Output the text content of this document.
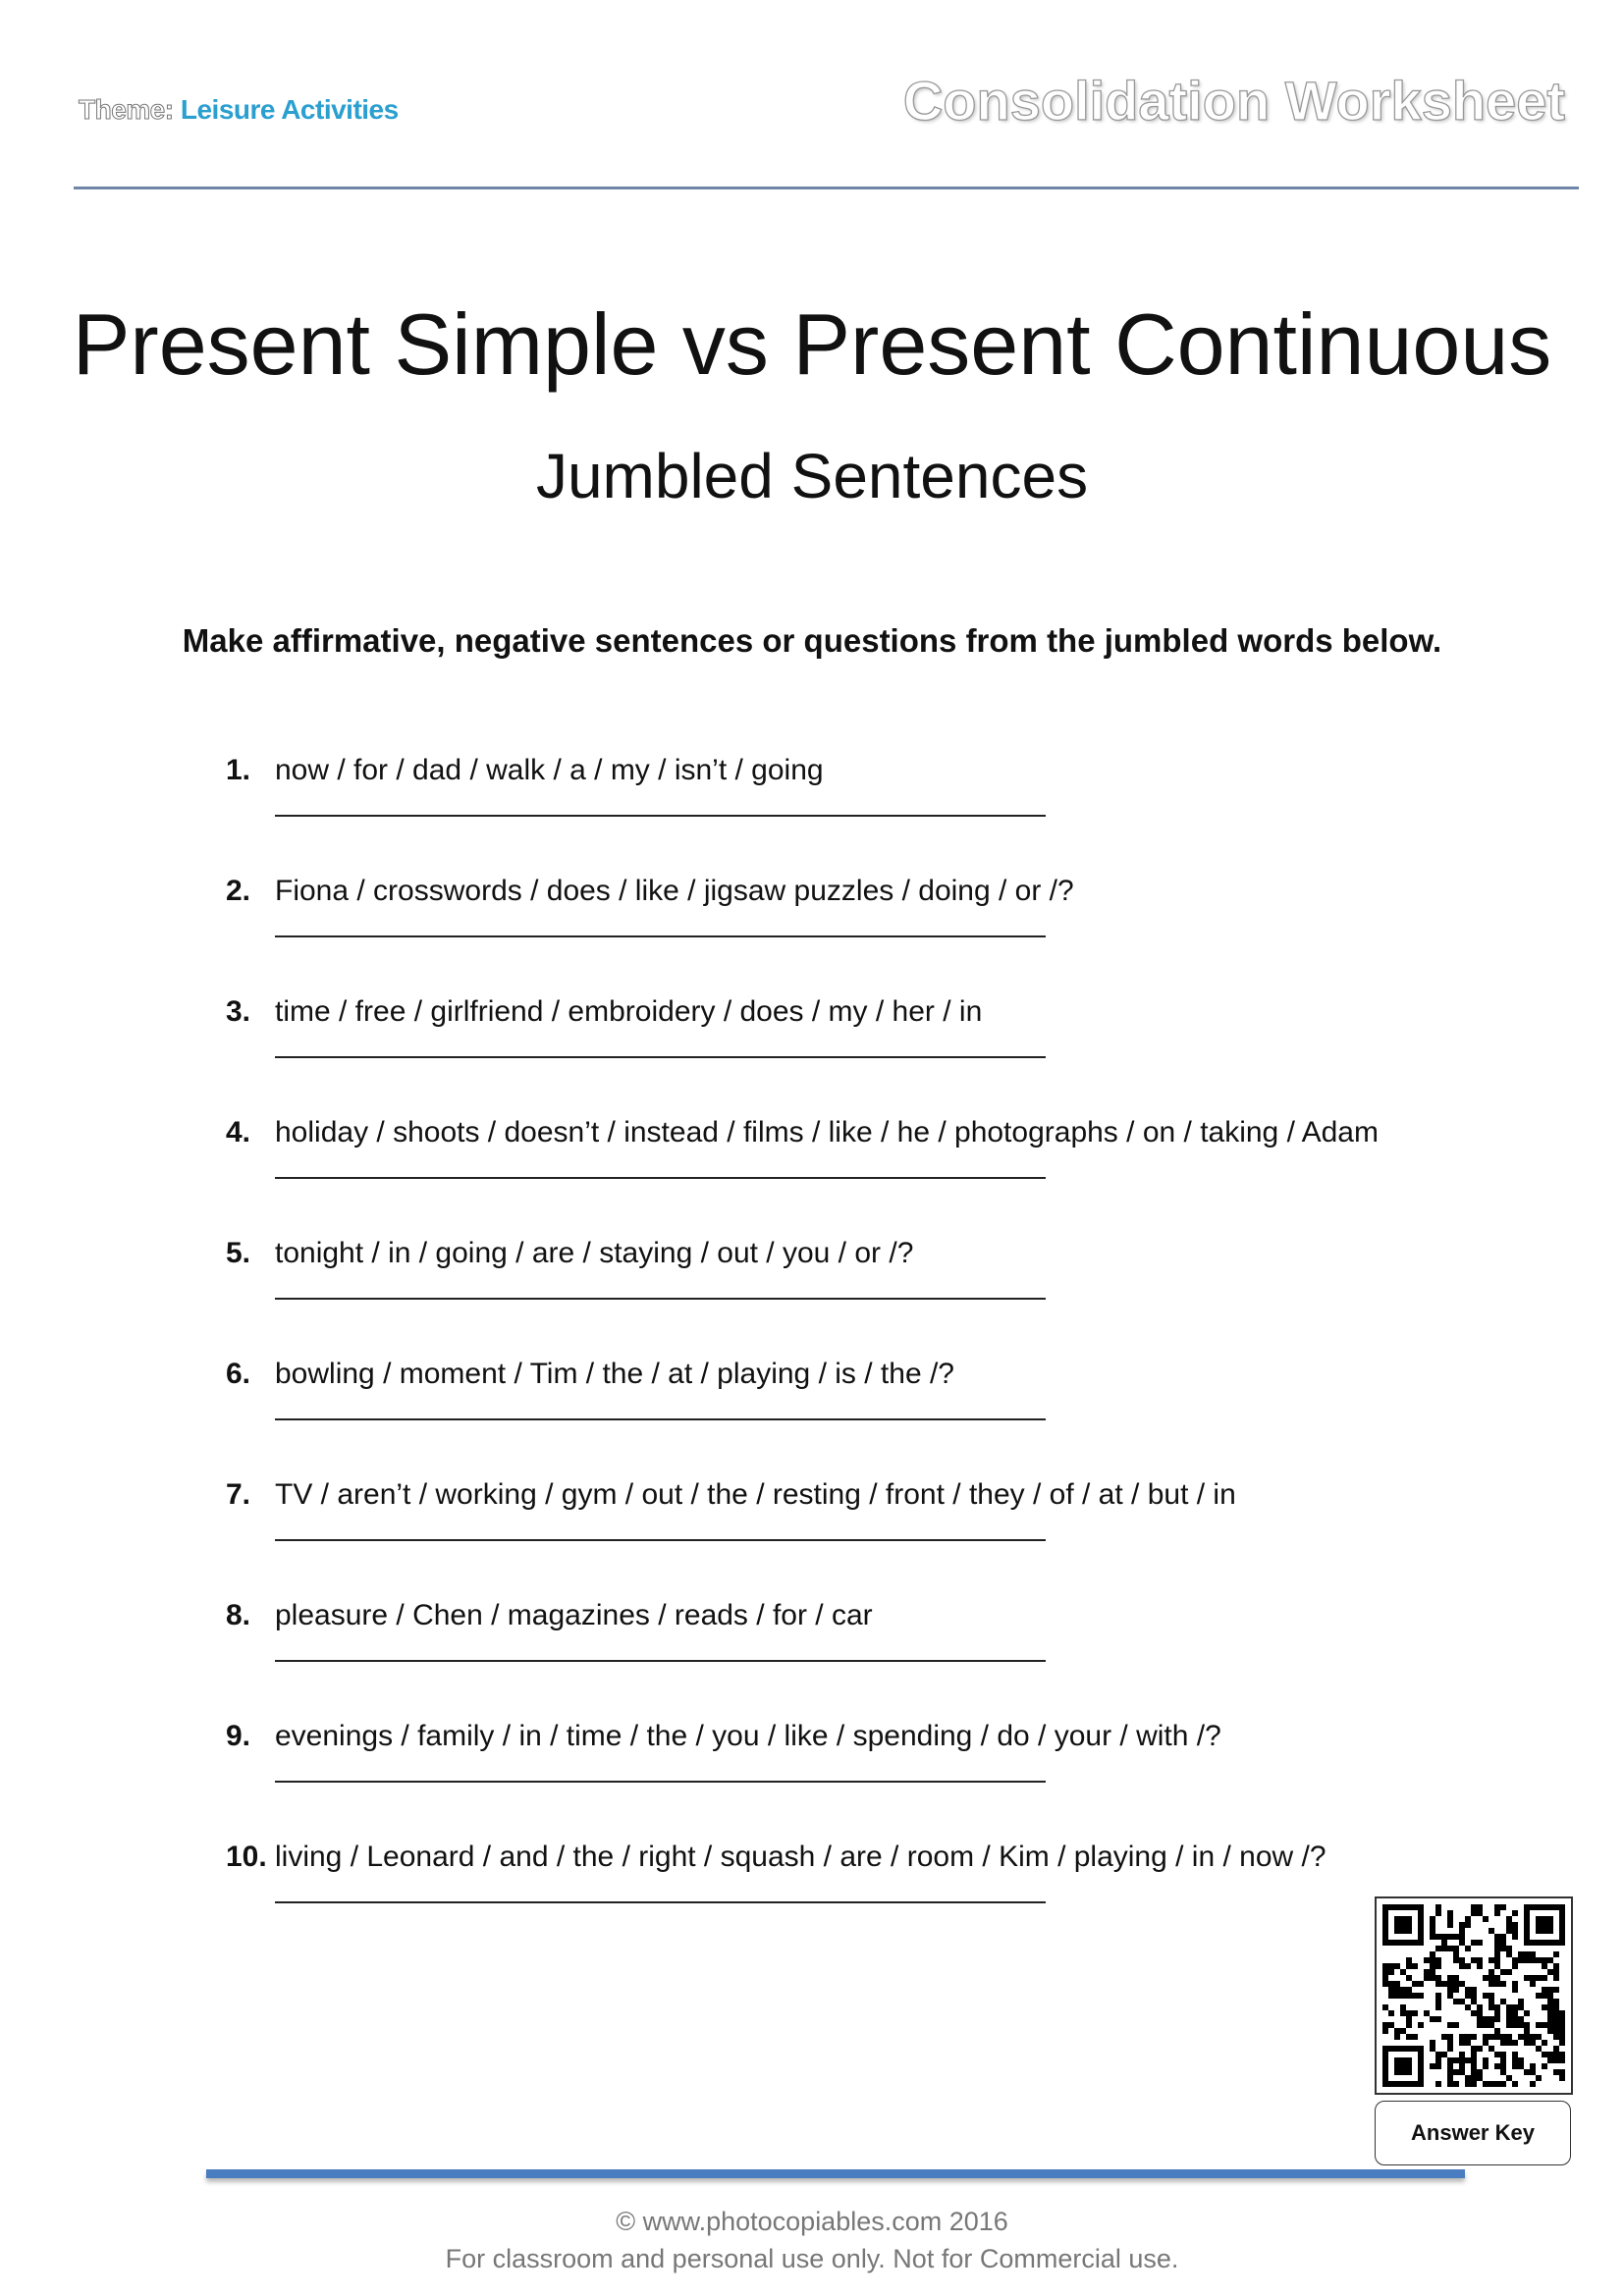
Theme: Leisure Activities	Consolidation Worksheet
Present Simple vs Present Continuous
Jumbled Sentences
Make affirmative, negative sentences or questions from the jumbled words below.
1. now / for / dad / walk / a / my / isn’t / going
2. Fiona / crosswords / does / like / jigsaw puzzles / doing / or /?
3. time / free / girlfriend / embroidery / does / my / her / in
4. holiday / shoots / doesn’t / instead / films / like / he / photographs / on / taking / Adam
5. tonight / in / going / are / staying / out / you / or /?
6. bowling / moment / Tim / the / at / playing / is / the /?
7. TV / aren’t / working / gym / out / the / resting / front / they / of / at / but / in
8. pleasure / Chen / magazines / reads / for / car
9. evenings / family / in / time / the / you / like / spending / do / your / with /?
10. living / Leonard / and / the / right / squash / are / room / Kim / playing / in / now /?
Answer Key
© www.photocopiables.com 2016
For classroom and personal use only. Not for Commercial use.
